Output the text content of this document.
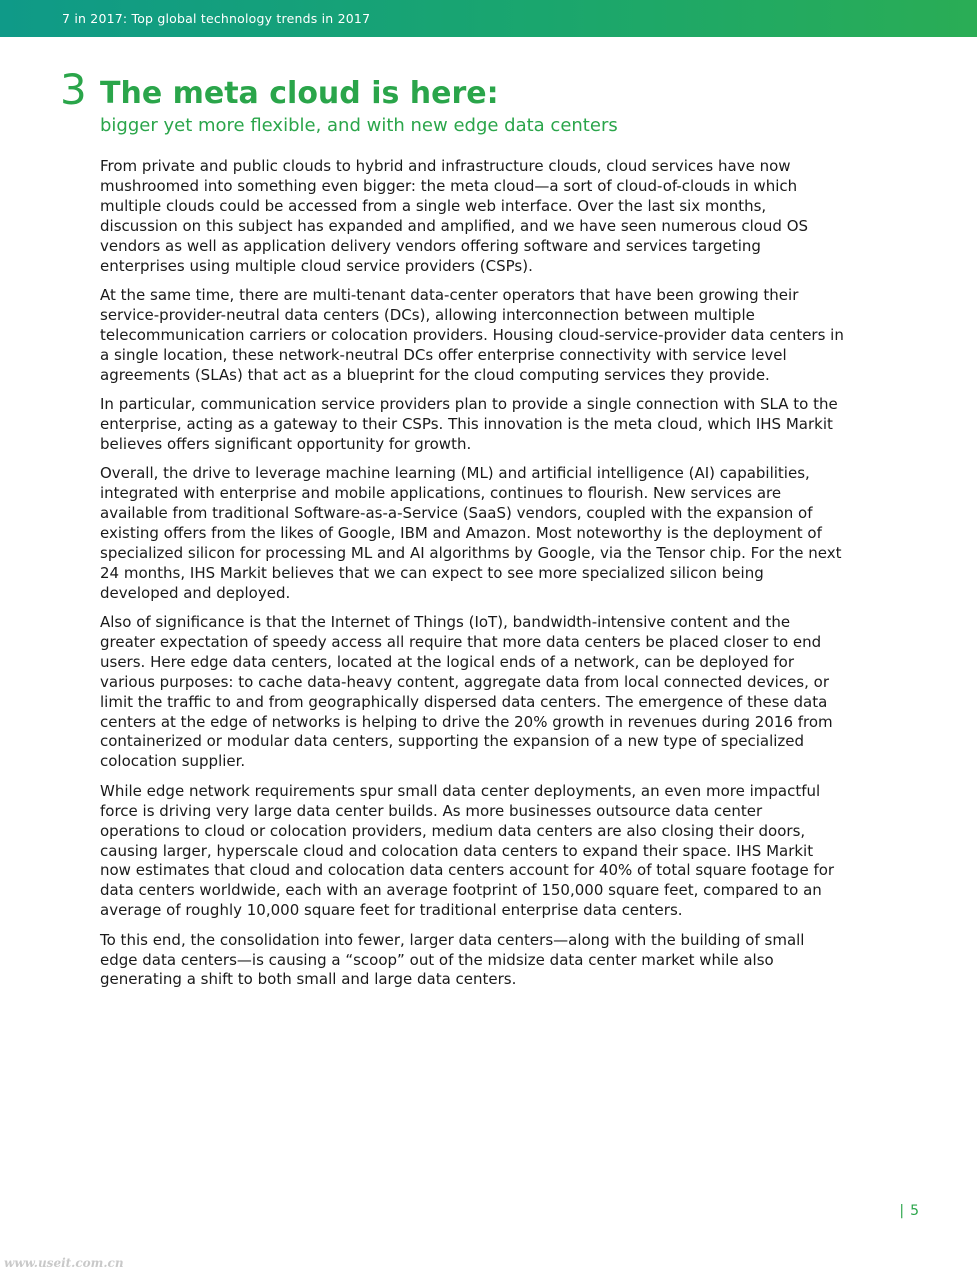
7 in 2017: Top global technology trends in 2017
3 The meta cloud is here:
bigger yet more flexible, and with new edge data centers

From private and public clouds to hybrid and infrastructure clouds, cloud services have now mushroomed into something even bigger: the meta cloud—a sort of cloud-of-clouds in which multiple clouds could be accessed from a single web interface. Over the last six months, discussion on this subject has expanded and amplified, and we have seen numerous cloud OS vendors as well as application delivery vendors offering software and services targeting enterprises using multiple cloud service providers (CSPs).

At the same time, there are multi-tenant data-center operators that have been growing their service-provider-neutral data centers (DCs), allowing interconnection between multiple telecommunication carriers or colocation providers. Housing cloud-service-provider data centers in a single location, these network-neutral DCs offer enterprise connectivity with service level agreements (SLAs) that act as a blueprint for the cloud computing services they provide.

In particular, communication service providers plan to provide a single connection with SLA to the enterprise, acting as a gateway to their CSPs. This innovation is the meta cloud, which IHS Markit believes offers significant opportunity for growth.

Overall, the drive to leverage machine learning (ML) and artificial intelligence (AI) capabilities, integrated with enterprise and mobile applications, continues to flourish. New services are available from traditional Software-as-a-Service (SaaS) vendors, coupled with the expansion of existing offers from the likes of Google, IBM and Amazon. Most noteworthy is the deployment of specialized silicon for processing ML and AI algorithms by Google, via the Tensor chip. For the next 24 months, IHS Markit believes that we can expect to see more specialized silicon being developed and deployed.

Also of significance is that the Internet of Things (IoT), bandwidth-intensive content and the greater expectation of speedy access all require that more data centers be placed closer to end users. Here edge data centers, located at the logical ends of a network, can be deployed for various purposes: to cache data-heavy content, aggregate data from local connected devices, or limit the traffic to and from geographically dispersed data centers. The emergence of these data centers at the edge of networks is helping to drive the 20% growth in revenues during 2016 from containerized or modular data centers, supporting the expansion of a new type of specialized colocation supplier.

While edge network requirements spur small data center deployments, an even more impactful force is driving very large data center builds. As more businesses outsource data center operations to cloud or colocation providers, medium data centers are also closing their doors, causing larger, hyperscale cloud and colocation data centers to expand their space. IHS Markit now estimates that cloud and colocation data centers account for 40% of total square footage for data centers worldwide, each with an average footprint of 150,000 square feet, compared to an average of roughly 10,000 square feet for traditional enterprise data centers.

To this end, the consolidation into fewer, larger data centers—along with the building of small edge data centers—is causing a “scoop” out of the midsize data center market while also generating a shift to both small and large data centers.

| 5
www.useit.com.cn
